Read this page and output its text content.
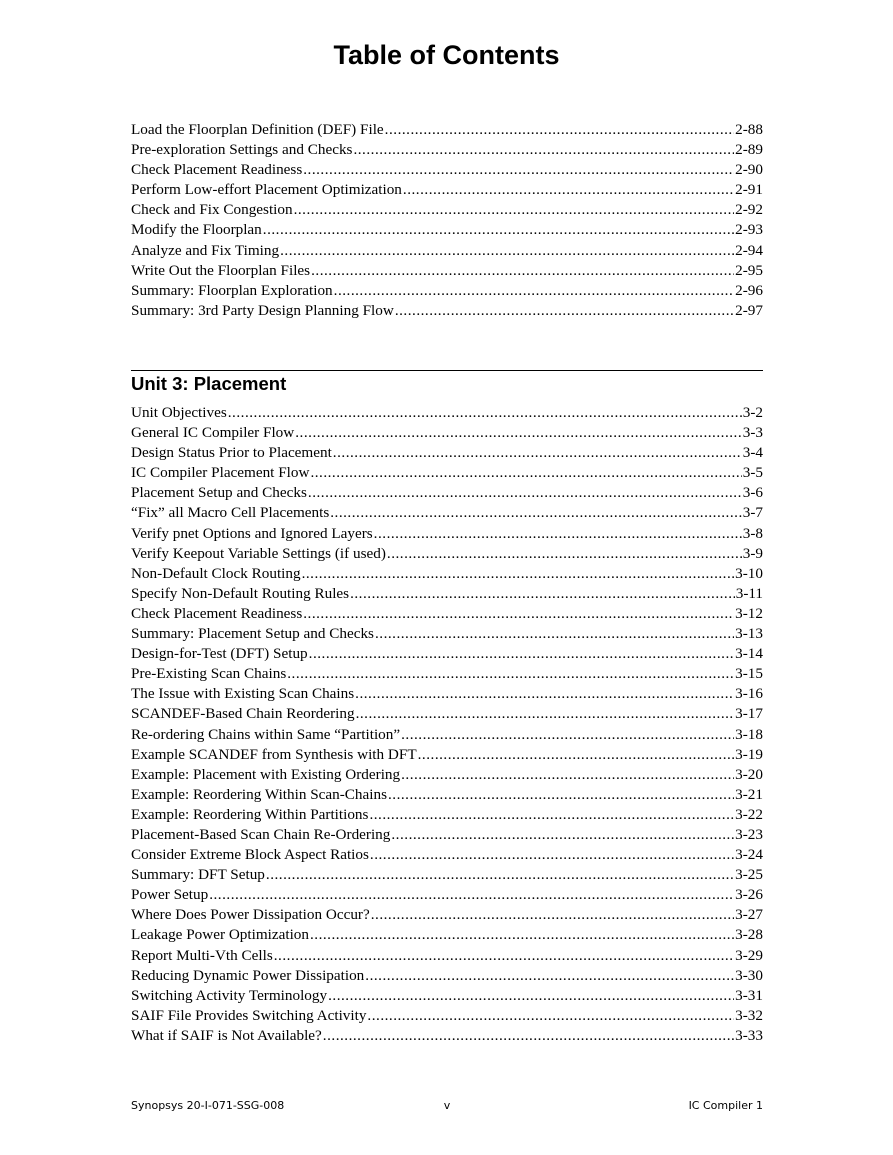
Table of Contents
Load the Floorplan Definition (DEF) File .....	2-88
Pre-exploration Settings and Checks .....	2-89
Check Placement Readiness .....	2-90
Perform Low-effort Placement Optimization .....	2-91
Check and Fix Congestion .....	2-92
Modify the Floorplan .....	2-93
Analyze and Fix Timing .....	2-94
Write Out the Floorplan Files .....	2-95
Summary: Floorplan Exploration .....	2-96
Summary: 3rd Party Design Planning Flow .....	2-97
Unit 3: Placement
Unit Objectives .....	3-2
General IC Compiler Flow .....	3-3
Design Status Prior to Placement .....	3-4
IC Compiler Placement Flow .....	3-5
Placement Setup and Checks .....	3-6
“Fix” all Macro Cell Placements .....	3-7
Verify pnet Options and Ignored Layers .....	3-8
Verify Keepout Variable Settings (if used) .....	3-9
Non-Default Clock Routing .....	3-10
Specify Non-Default Routing Rules .....	3-11
Check Placement Readiness .....	3-12
Summary: Placement Setup and Checks .....	3-13
Design-for-Test (DFT) Setup .....	3-14
Pre-Existing Scan Chains .....	3-15
The Issue with Existing Scan Chains .....	3-16
SCANDEF-Based Chain Reordering .....	3-17
Re-ordering Chains within Same “Partition” .....	3-18
Example SCANDEF from Synthesis with DFT .....	3-19
Example: Placement with Existing Ordering .....	3-20
Example: Reordering Within Scan-Chains .....	3-21
Example: Reordering Within Partitions .....	3-22
Placement-Based Scan Chain Re-Ordering .....	3-23
Consider Extreme Block Aspect Ratios .....	3-24
Summary: DFT Setup .....	3-25
Power Setup .....	3-26
Where Does Power Dissipation Occur? .....	3-27
Leakage Power Optimization .....	3-28
Report Multi-Vth Cells .....	3-29
Reducing Dynamic Power Dissipation .....	3-30
Switching Activity Terminology .....	3-31
SAIF File Provides Switching Activity .....	3-32
What if SAIF is Not Available? .....	3-33
Synopsys 20-I-071-SSG-008	v	IC Compiler 1
